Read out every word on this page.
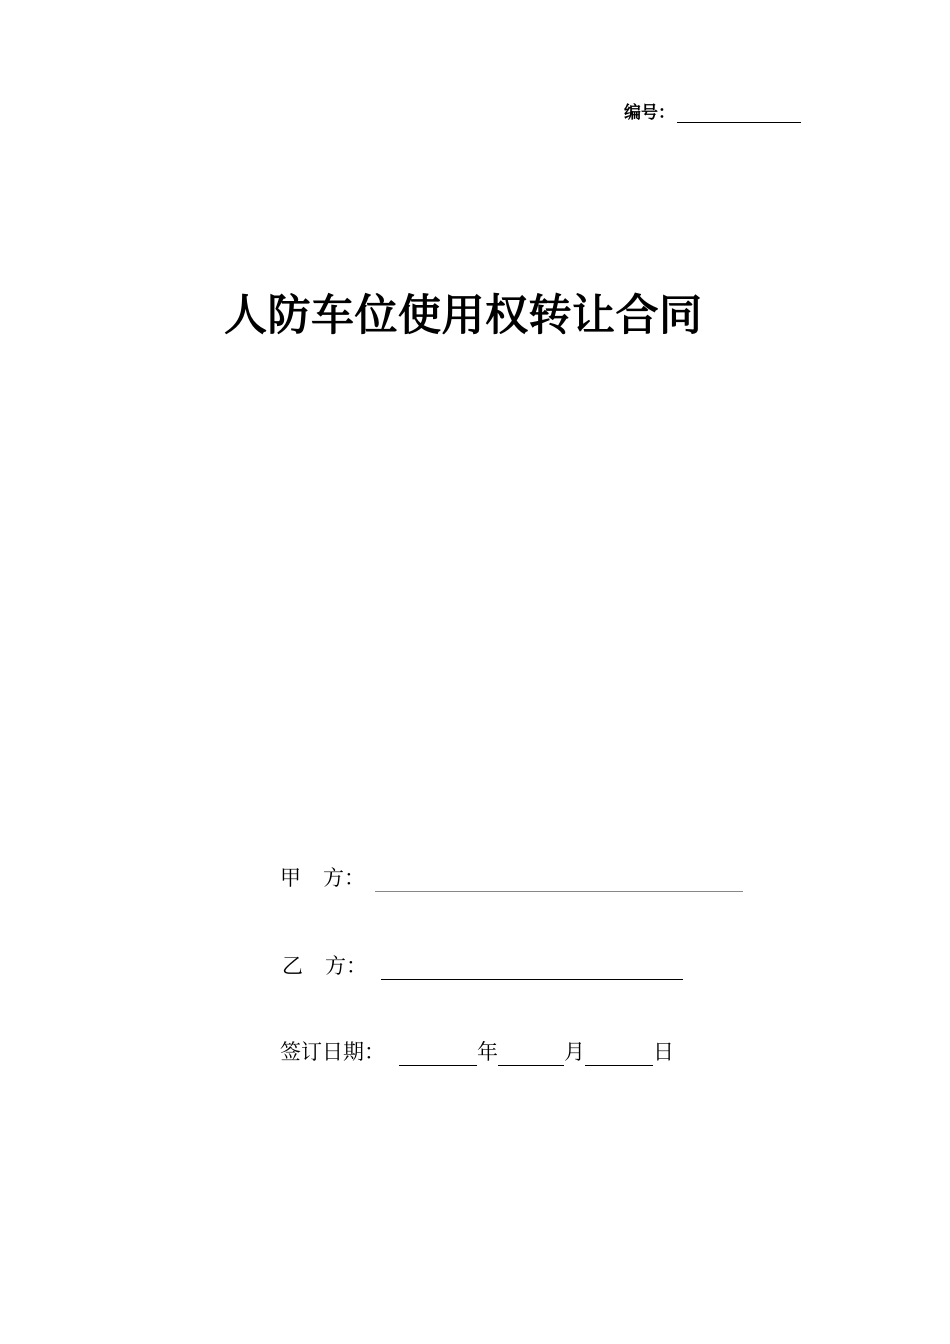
编号：
人防车位使用权转让合同
甲 方：
乙 方：
签订日期：	年	月	日
